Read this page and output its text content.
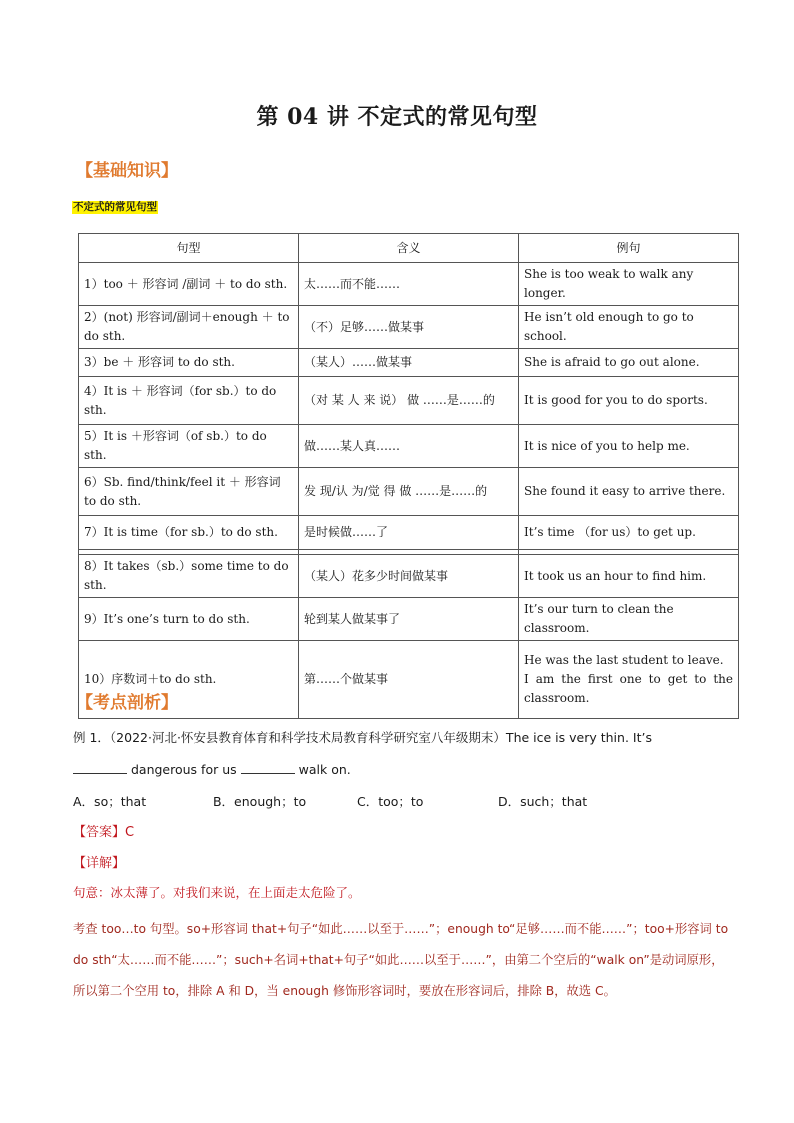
第 04 讲 不定式的常见句型
【基础知识】
不定式的常见句型
句型	含义	例句
1）too ＋ 形容词 /副词 ＋ to do sth.	太……而不能……	She is too weak to walk any longer.
2）(not) 形容词/副词＋enough ＋ to do sth.	（不）足够……做某事	He isn’t old enough to go to school.
3）be ＋ 形容词 to do sth.	（某人）……做某事	She is afraid to go out alone.
4）It is ＋ 形容词（for sb.）to do sth.	（对 某 人 来 说） 做 ……是……的	It is good for you to do sports.
5）It is ＋形容词（of sb.）to do sth.	做……某人真……	It is nice of you to help me.
6）Sb. find/think/feel it ＋ 形容词 to do sth.	发 现/认 为/觉 得 做 ……是……的	She found it easy to arrive there.
7）It is time（for sb.）to do sth.	是时候做……了	It’s time （for us）to get up.

8）It takes（sb.）some time to do sth.	（某人）花多少时间做某事	It took us an hour to find him.
9）It’s one’s turn to do sth.	轮到某人做某事了	It’s our turn to clean the classroom.
10）序数词＋to do sth.	第……个做某事	He was the last student to leave.
I am the first one to get to the classroom.
【考点剖析】
例 1．（2022·河北·怀安县教育体育和科学技术局教育科学研究室八年级期末）The ice is very thin. It’s
dangerous for us	walk on.
A．so；that	B．enough；to	C．too；to	D．such；that
【答案】C
【详解】
句意：冰太薄了。对我们来说，在上面走太危险了。
考查 too…to 句型。so+形容词 that+句子“如此……以至于……”；enough to“足够……而不能……”；too+形容词 to do sth“太……而不能……”；such+名词+that+句子“如此……以至于……”，由第二个空后的“walk on”是动词原形，所以第二个空用 to，排除 A 和 D，当 enough 修饰形容词时，要放在形容词后，排除 B，故选 C。
